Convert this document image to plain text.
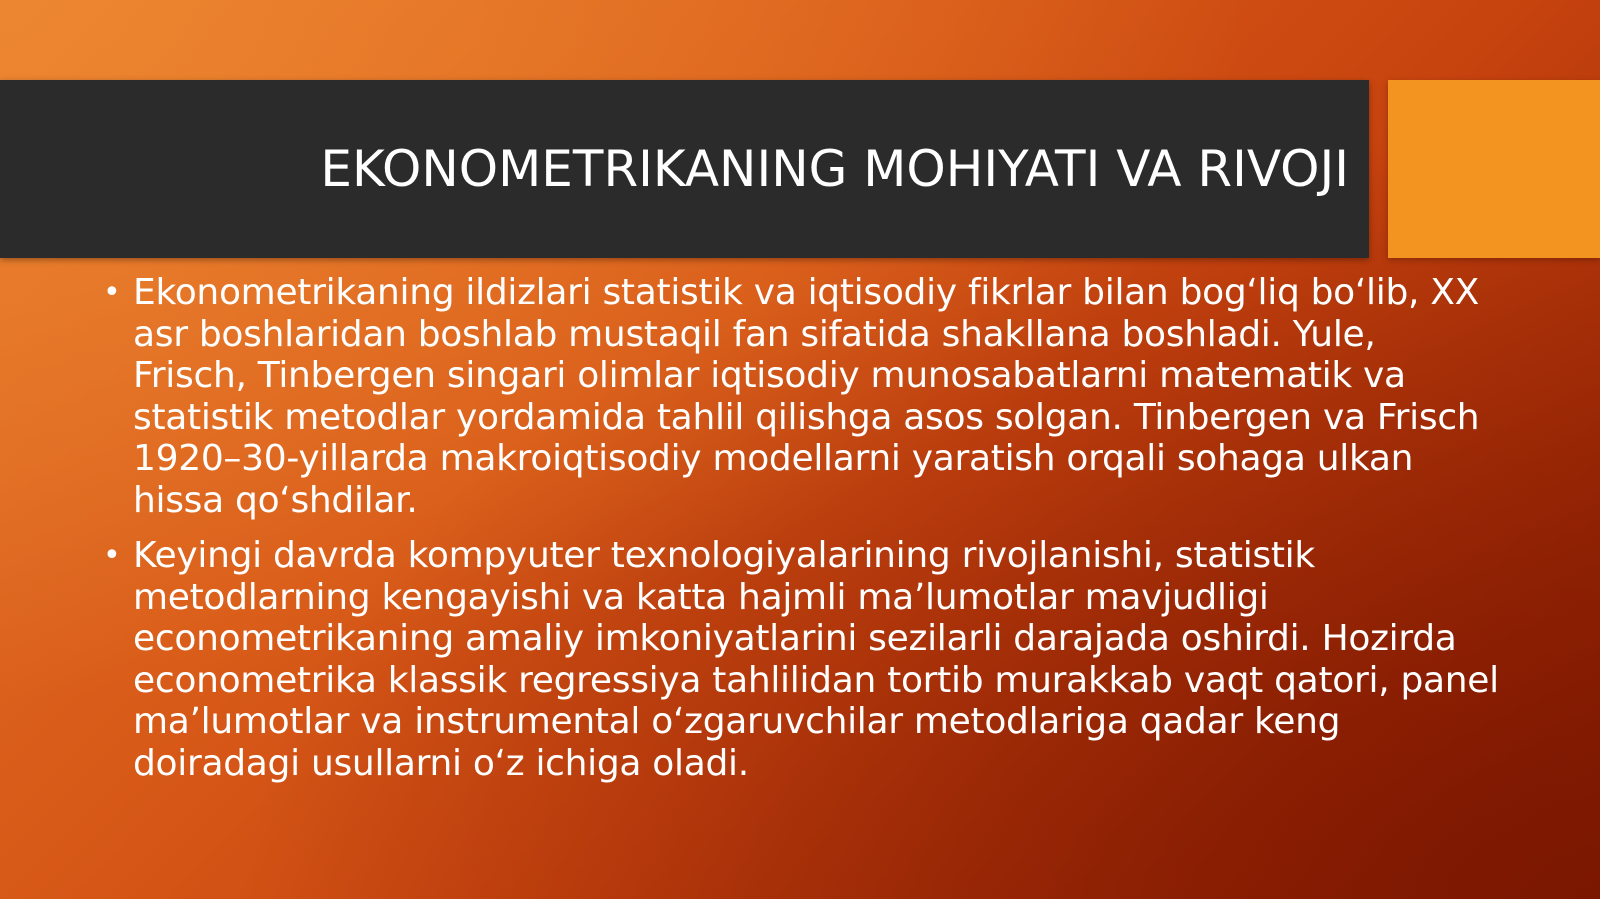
EKONOMETRIKANING MOHIYATI VA RIVOJI
• Ekonometrikaning ildizlari statistik va iqtisodiy fikrlar bilan bog‘liq bo‘lib, XX asr boshlaridan boshlab mustaqil fan sifatida shakllana boshladi. Yule, Frisch, Tinbergen singari olimlar iqtisodiy munosabatlarni matematik va statistik metodlar yordamida tahlil qilishga asos solgan. Tinbergen va Frisch 1920–30-yillarda makroiqtisodiy modellarni yaratish orqali sohaga ulkan hissa qo‘shdilar.
• Keyingi davrda kompyuter texnologiyalarining rivojlanishi, statistik metodlarning kengayishi va katta hajmli ma’lumotlar mavjudligi econometrikaning amaliy imkoniyatlarini sezilarli darajada oshirdi. Hozirda econometrika klassik regressiya tahlilidan tortib murakkab vaqt qatori, panel ma’lumotlar va instrumental o‘zgaruvchilar metodlariga qadar keng doiradagi usullarni o‘z ichiga oladi.
